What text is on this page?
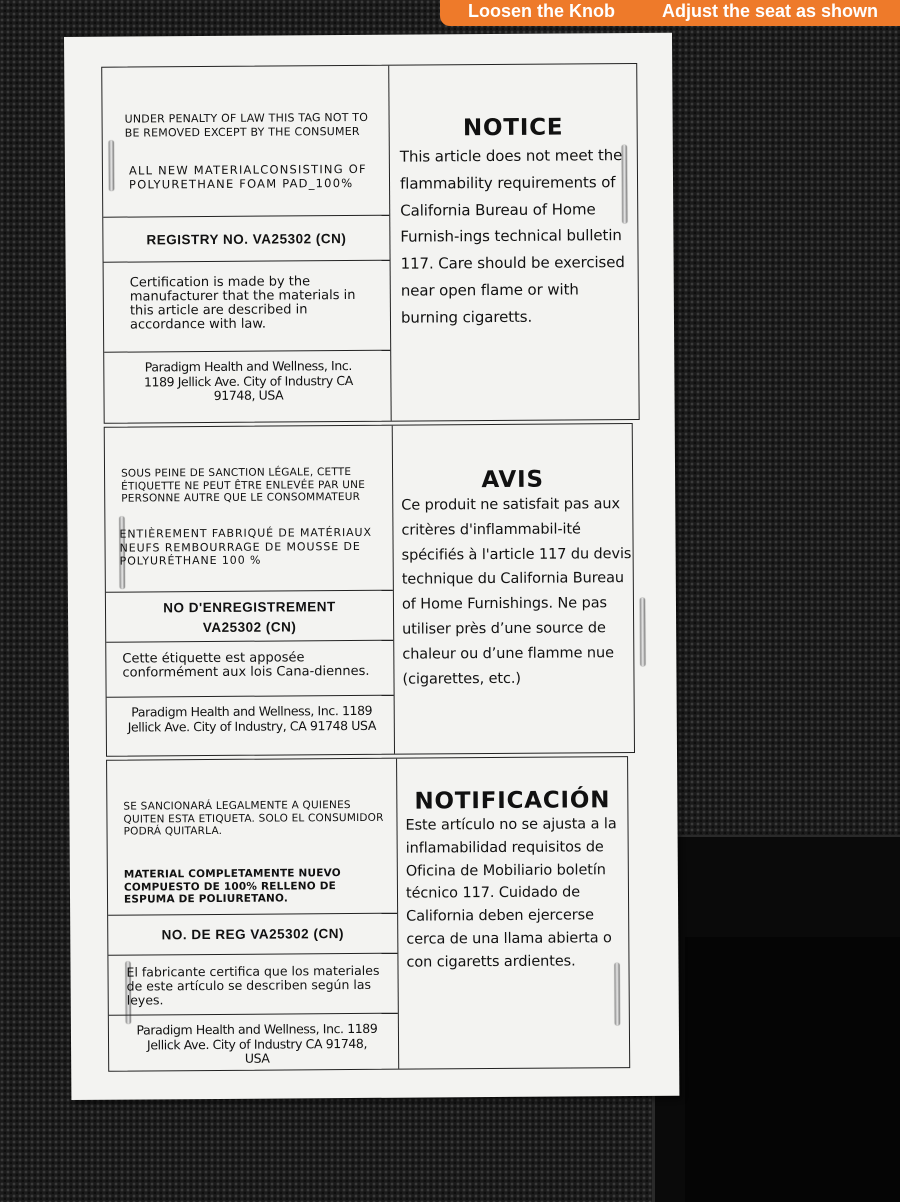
Loosen the Knob	Adjust the seat as shown
UNDER PENALTY OF LAW THIS TAG NOT TO BE REMOVED EXCEPT BY THE CONSUMER
ALL NEW MATERIALCONSISTING OF POLYURETHANE FOAM PAD_100%
REGISTRY NO. VA25302 (CN)
Certification is made by the manufacturer that the materials in this article are described in accordance with law.
Paradigm Health and Wellness, Inc. 1189 Jellick Ave. City of Industry CA 91748, USA
NOTICE
This article does not meet the flammability requirements of California Bureau of Home Furnish-ings technical bulletin 117. Care should be exercised near open flame or with burning cigaretts.
SOUS PEINE DE SANCTION LÉGALE, CETTE ÉTIQUETTE NE PEUT ÊTRE ENLEVÉE PAR UNE PERSONNE AUTRE QUE LE CONSOMMATEUR
ENTIÈREMENT FABRIQUÉ DE MATÉRIAUX NEUFS REMBOURRAGE DE MOUSSE DE POLYURÉTHANE 100 %
NO D'ENREGISTREMENT
VA25302 (CN)
Cette étiquette est apposée conformément aux lois Cana-diennes.
Paradigm Health and Wellness, Inc. 1189 Jellick Ave. City of Industry, CA 91748 USA
AVIS
Ce produit ne satisfait pas aux critères d'inflammabil-ité spécifiés à l'article 117 du devis technique du California Bureau of Home Furnishings. Ne pas utiliser près d’une source de chaleur ou d’une flamme nue (cigarettes, etc.)
SE SANCIONARÁ LEGALMENTE A QUIENES QUITEN ESTA ETIQUETA. SOLO EL CONSUMIDOR PODRÁ QUITARLA.
MATERIAL COMPLETAMENTE NUEVO COMPUESTO DE 100% RELLENO DE ESPUMA DE POLIURETANO.
NO. DE REG VA25302 (CN)
El fabricante certifica que los materiales de este artículo se describen según las leyes.
Paradigm Health and Wellness, Inc. 1189 Jellick Ave. City of Industry CA 91748, USA
NOTIFICACIÓN
Este artículo no se ajusta a la inflamabilidad requisitos de Oficina de Mobiliario boletín técnico 117. Cuidado de California deben ejercerse cerca de una llama abierta o con cigaretts ardientes.
